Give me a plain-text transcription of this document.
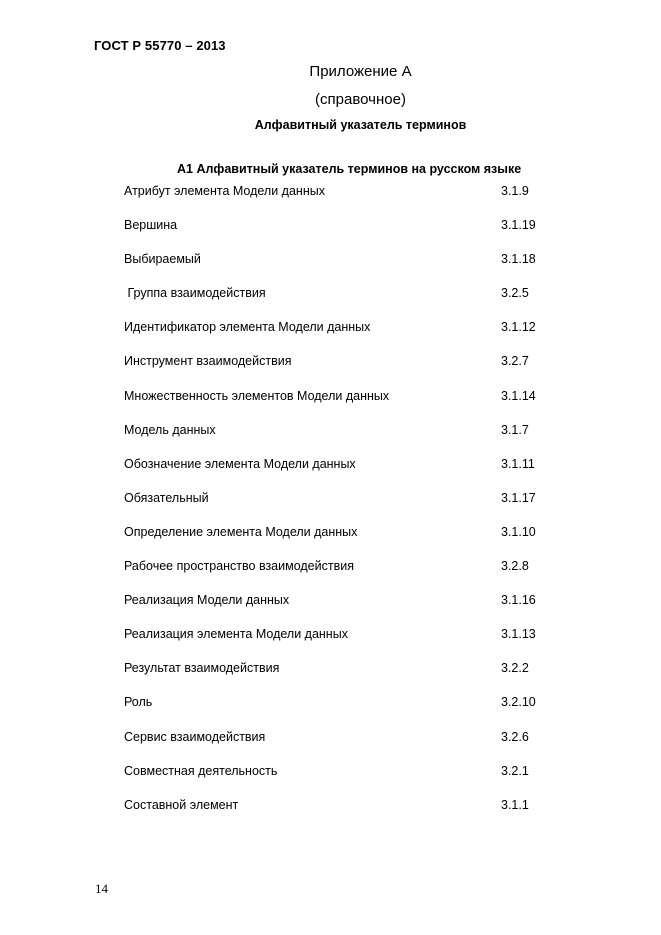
ГОСТ Р 55770 – 2013
Приложение А
(справочное)
Алфавитный указатель терминов
А1 Алфавитный указатель терминов на русском языке
Атрибут элемента Модели данных	3.1.9
Вершина	3.1.19
Выбираемый	3.1.18
Группа взаимодействия	3.2.5
Идентификатор элемента Модели данных	3.1.12
Инструмент взаимодействия	3.2.7
Множественность элементов Модели данных	3.1.14
Модель данных	3.1.7
Обозначение элемента Модели данных	3.1.11
Обязательный	3.1.17
Определение элемента Модели данных	3.1.10
Рабочее пространство взаимодействия	3.2.8
Реализация Модели данных	3.1.16
Реализация элемента Модели данных	3.1.13
Результат взаимодействия	3.2.2
Роль	3.2.10
Сервис взаимодействия	3.2.6
Совместная деятельность	3.2.1
Составной элемент	3.1.1
14
